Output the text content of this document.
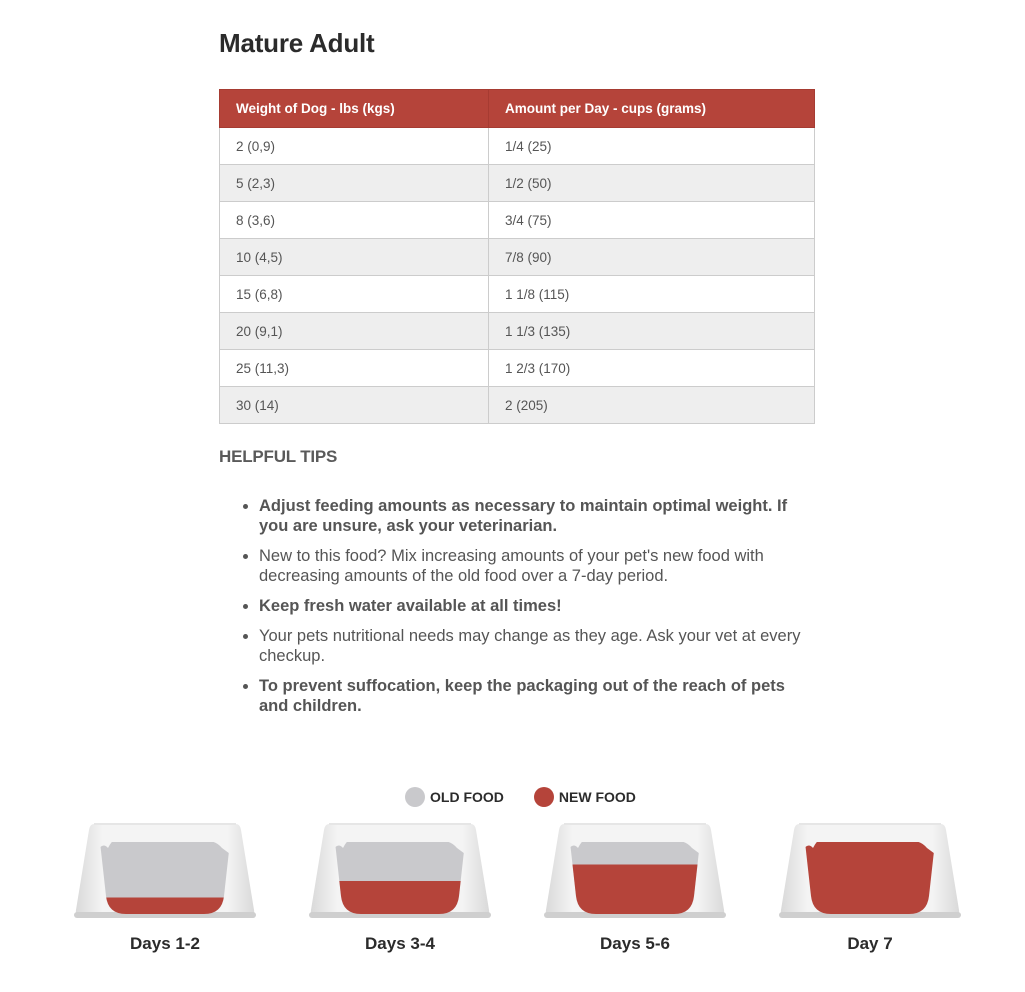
Mature Adult
Weight of Dog - lbs (kgs)	Amount per Day - cups (grams)
2 (0,9)	1/4 (25)
5 (2,3)	1/2 (50)
8 (3,6)	3/4 (75)
10 (4,5)	7/8 (90)
15 (6,8)	1 1/8 (115)
20 (9,1)	1 1/3 (135)
25 (11,3)	1 2/3 (170)
30 (14)	2 (205)
HELPFUL TIPS
• Adjust feeding amounts as necessary to maintain optimal weight. If you are unsure, ask your veterinarian.
• New to this food? Mix increasing amounts of your pet's new food with decreasing amounts of the old food over a 7-day period.
• Keep fresh water available at all times!
• Your pets nutritional needs may change as they age. Ask your vet at every checkup.
• To prevent suffocation, keep the packaging out of the reach of pets and children.
OLD FOOD	NEW FOOD
Days 1-2	Days 3-4	Days 5-6	Day 7
